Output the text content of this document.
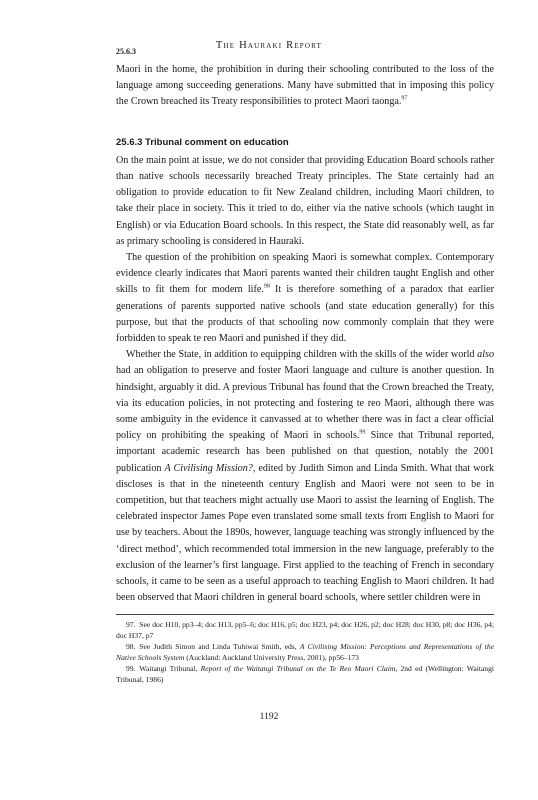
The Hauraki Report
25.6.3

Maori in the home, the prohibition in during their schooling contributed to the loss of the language among succeeding generations. Many have submitted that in imposing this policy the Crown breached its Treaty responsibilities to protect Maori taonga.$^{97}$

25.6.3 Tribunal comment on education

On the main point at issue, we do not consider that providing Education Board schools rather than native schools necessarily breached Treaty principles. The State certainly had an obligation to provide education to fit New Zealand children, including Maori children, to take their place in society. This it tried to do, either via the native schools (which taught in English) or via Education Board schools. In this respect, the State did reasonably well, as far as primary schooling is considered in Hauraki.

The question of the prohibition on speaking Maori is somewhat complex. Contemporary evidence clearly indicates that Maori parents wanted their children taught English and other skills to fit them for modern life.$^{98}$ It is therefore something of a paradox that earlier generations of parents supported native schools (and state education generally) for this purpose, but that the products of that schooling now commonly complain that they were forbidden to speak te reo Maori and punished if they did.

Whether the State, in addition to equipping children with the skills of the wider world also had an obligation to preserve and foster Maori language and culture is another question. In hindsight, arguably it did. A previous Tribunal has found that the Crown breached the Treaty, via its education policies, in not protecting and fostering te reo Maori, although there was some ambiguity in the evidence it canvassed at to whether there was in fact a clear official policy on prohibiting the speaking of Maori in schools.$^{99}$ Since that Tribunal reported, important academic research has been published on that question, notably the 2001 publication A Civilising Mission?, edited by Judith Simon and Linda Smith. What that work discloses is that in the nineteenth century English and Maori were not seen to be in competition, but that teachers might actually use Maori to assist the learning of English. The celebrated inspector James Pope even translated some small texts from English to Maori for use by teachers. About the 1890s, however, language teaching was strongly influenced by the ‘direct method’, which recommended total immersion in the new language, preferably to the exclusion of the learner’s first language. First applied to the teaching of French in secondary schools, it came to be seen as a useful approach to teaching English to Maori children. It had been observed that Maori children in general board schools, where settler children were in

97. See doc H10, pp3–4; doc H13, pp5–6; doc H16, p5; doc H23, p4; doc H26, p2; doc H28; doc H30, p8; doc H36, p4; doc H37, p7

98. See Judith Simon and Linda Tuhiwai Smith, eds, A Civilising Mission: Perceptions and Representations of the Native Schools System (Auckland: Auckland University Press, 2001), pp56–173

99. Waitangi Tribunal, Report of the Waitangi Tribunal on the Te Reo Maori Claim, 2nd ed (Wellington: Waitangi Tribunal, 1986)

1192
